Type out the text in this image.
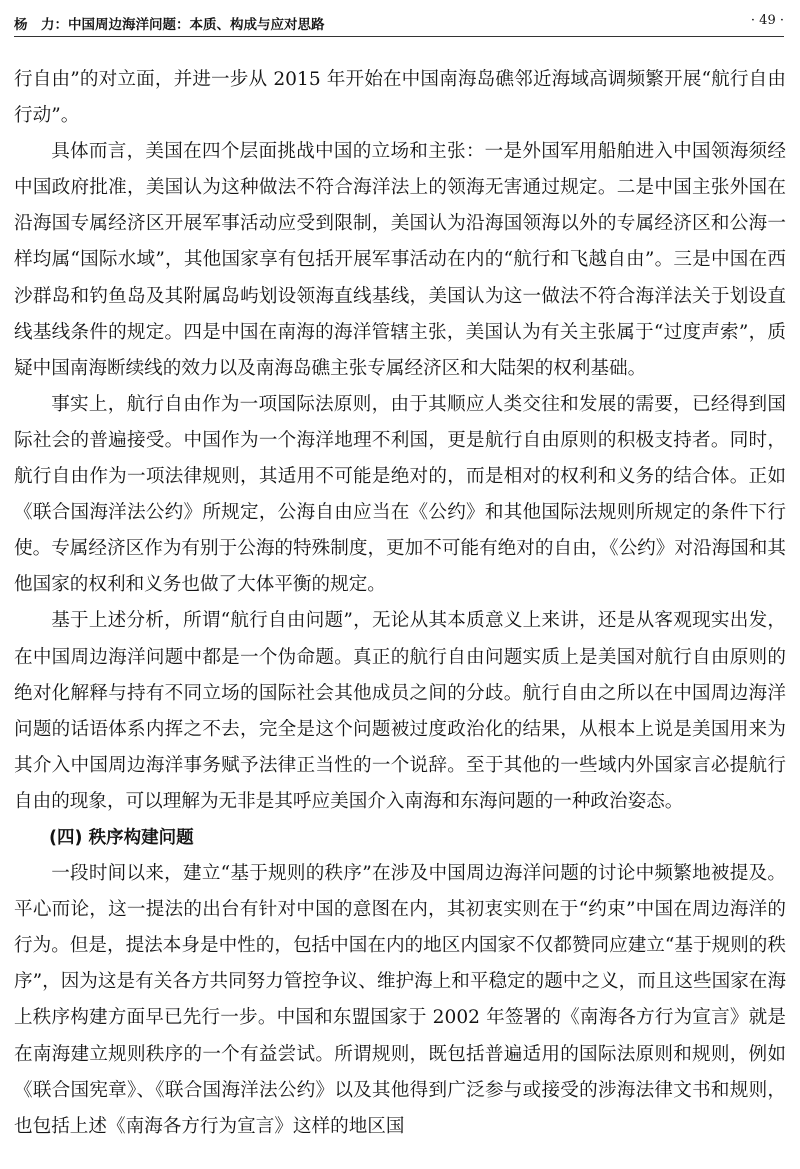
杨　力：中国周边海洋问题：本质、构成与应对思路	· 49 ·

行自由”的对立面，并进一步从 2015 年开始在中国南海岛礁邻近海域高调频繁开展“航行自由行动”。

具体而言，美国在四个层面挑战中国的立场和主张：一是外国军用船舶进入中国领海须经中国政府批准，美国认为这种做法不符合海洋法上的领海无害通过规定。二是中国主张外国在沿海国专属经济区开展军事活动应受到限制，美国认为沿海国领海以外的专属经济区和公海一样均属“国际水域”，其他国家享有包括开展军事活动在内的“航行和飞越自由”。三是中国在西沙群岛和钓鱼岛及其附属岛屿划设领海直线基线，美国认为这一做法不符合海洋法关于划设直线基线条件的规定。四是中国在南海的海洋管辖主张，美国认为有关主张属于“过度声索”，质疑中国南海断续线的效力以及南海岛礁主张专属经济区和大陆架的权利基础。

事实上，航行自由作为一项国际法原则，由于其顺应人类交往和发展的需要，已经得到国际社会的普遍接受。中国作为一个海洋地理不利国，更是航行自由原则的积极支持者。同时，航行自由作为一项法律规则，其适用不可能是绝对的，而是相对的权利和义务的结合体。正如《联合国海洋法公约》所规定，公海自由应当在《公约》和其他国际法规则所规定的条件下行使。专属经济区作为有别于公海的特殊制度，更加不可能有绝对的自由，《公约》对沿海国和其他国家的权利和义务也做了大体平衡的规定。

基于上述分析，所谓“航行自由问题”，无论从其本质意义上来讲，还是从客观现实出发，在中国周边海洋问题中都是一个伪命题。真正的航行自由问题实质上是美国对航行自由原则的绝对化解释与持有不同立场的国际社会其他成员之间的分歧。航行自由之所以在中国周边海洋问题的话语体系内挥之不去，完全是这个问题被过度政治化的结果，从根本上说是美国用来为其介入中国周边海洋事务赋予法律正当性的一个说辞。至于其他的一些域内外国家言必提航行自由的现象，可以理解为无非是其呼应美国介入南海和东海问题的一种政治姿态。

(四) 秩序构建问题

一段时间以来，建立“基于规则的秩序”在涉及中国周边海洋问题的讨论中频繁地被提及。平心而论，这一提法的出台有针对中国的意图在内，其初衷实则在于“约束”中国在周边海洋的行为。但是，提法本身是中性的，包括中国在内的地区内国家不仅都赞同应建立“基于规则的秩序”，因为这是有关各方共同努力管控争议、维护海上和平稳定的题中之义，而且这些国家在海上秩序构建方面早已先行一步。中国和东盟国家于 2002 年签署的《南海各方行为宣言》就是在南海建立规则秩序的一个有益尝试。所谓规则，既包括普遍适用的国际法原则和规则，例如《联合国宪章》、《联合国海洋法公约》以及其他得到广泛参与或接受的涉海法律文书和规则，也包括上述《南海各方行为宣言》这样的地区国
